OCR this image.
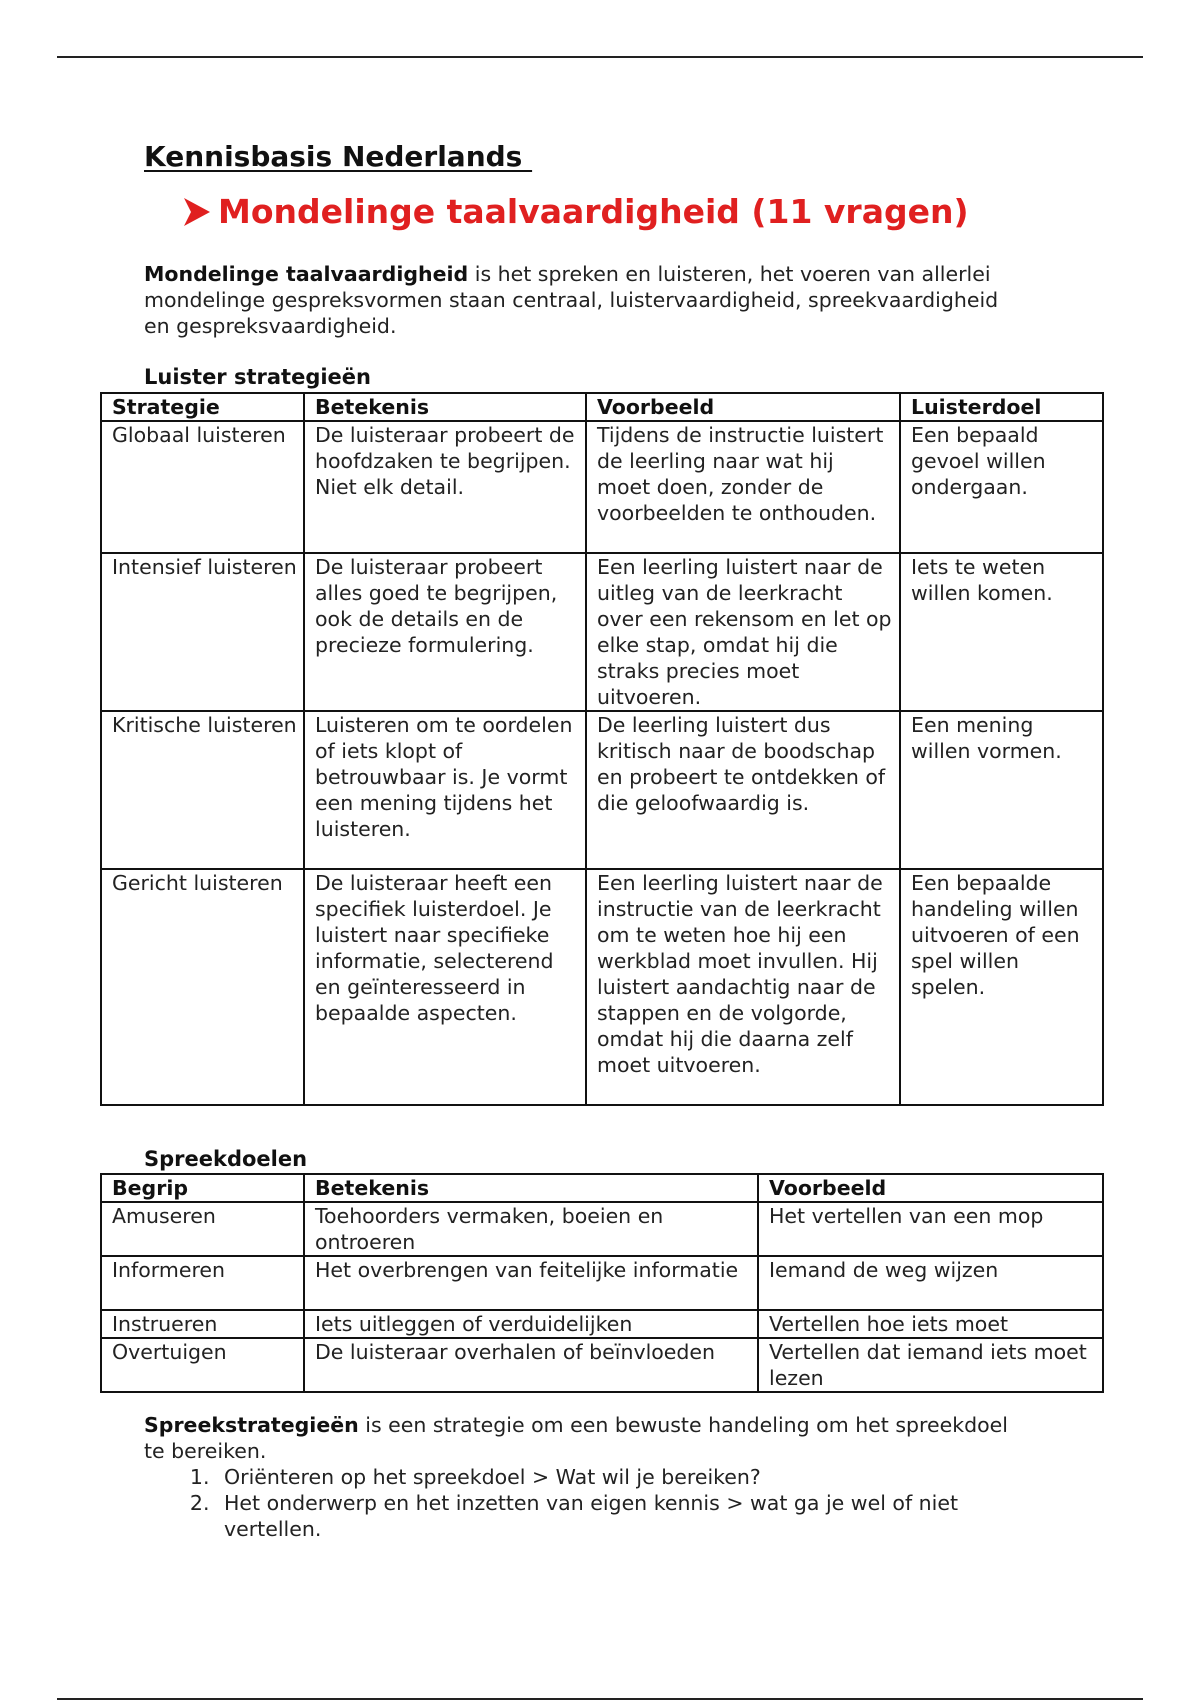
Kennisbasis Nederlands
Mondelinge taalvaardigheid (11 vragen)
Mondelinge taalvaardigheid is het spreken en luisteren, het voeren van allerlei mondelinge gespreksvormen staan centraal, luistervaardigheid, spreekvaardigheid en gespreksvaardigheid.
Luister strategieën
Strategie	Betekenis	Voorbeeld	Luisterdoel
Globaal luisteren	De luisteraar probeert de hoofdzaken te begrijpen. Niet elk detail.	Tijdens de instructie luistert de leerling naar wat hij moet doen, zonder de voorbeelden te onthouden.	Een bepaald gevoel willen ondergaan.
Intensief luisteren	De luisteraar probeert alles goed te begrijpen, ook de details en de precieze formulering.	Een leerling luistert naar de uitleg van de leerkracht over een rekensom en let op elke stap, omdat hij die straks precies moet uitvoeren.	Iets te weten willen komen.
Kritische luisteren	Luisteren om te oordelen of iets klopt of betrouwbaar is. Je vormt een mening tijdens het luisteren.	De leerling luistert dus kritisch naar de boodschap en probeert te ontdekken of die geloofwaardig is.	Een mening willen vormen.
Gericht luisteren	De luisteraar heeft een specifiek luisterdoel. Je luistert naar specifieke informatie, selecterend en geïnteresseerd in bepaalde aspecten.	Een leerling luistert naar de instructie van de leerkracht om te weten hoe hij een werkblad moet invullen. Hij luistert aandachtig naar de stappen en de volgorde, omdat hij die daarna zelf moet uitvoeren.	Een bepaalde handeling willen uitvoeren of een spel willen spelen.
Spreekdoelen
Begrip	Betekenis	Voorbeeld
Amuseren	Toehoorders vermaken, boeien en ontroeren	Het vertellen van een mop
Informeren	Het overbrengen van feitelijke informatie	Iemand de weg wijzen
Instrueren	Iets uitleggen of verduidelijken	Vertellen hoe iets moet
Overtuigen	De luisteraar overhalen of beïnvloeden	Vertellen dat iemand iets moet lezen
Spreekstrategieën is een strategie om een bewuste handeling om het spreekdoel te bereiken.
1. Oriënteren op het spreekdoel > Wat wil je bereiken?
2. Het onderwerp en het inzetten van eigen kennis > wat ga je wel of niet vertellen.
